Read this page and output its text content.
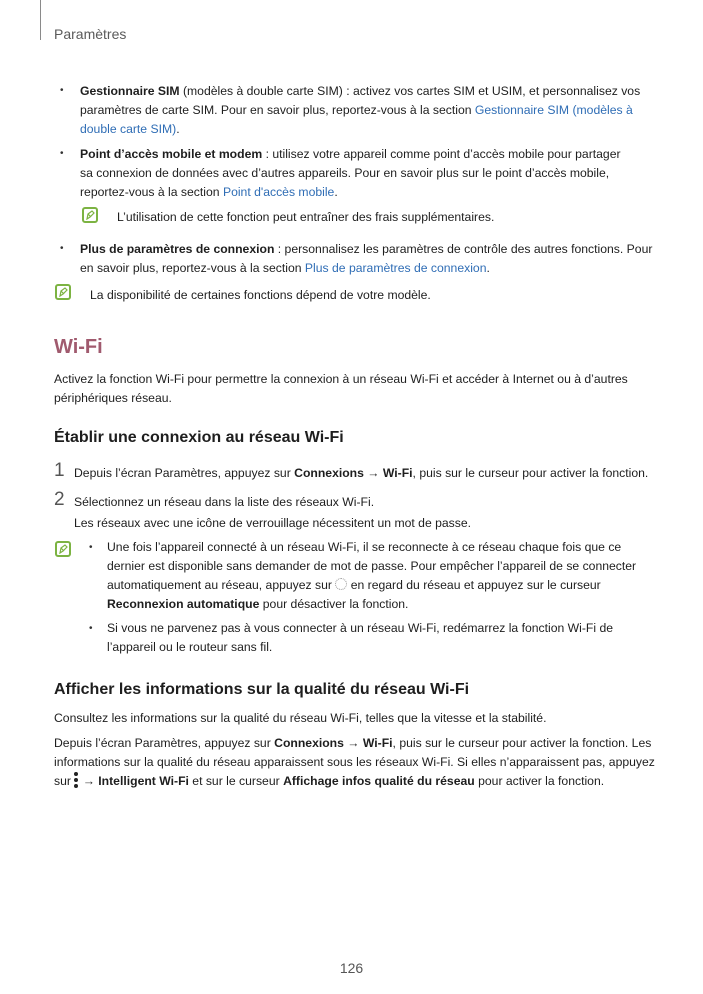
Paramètres
• Gestionnaire SIM (modèles à double carte SIM) : activez vos cartes SIM et USIM, et personnalisez vos
paramètres de carte SIM. Pour en savoir plus, reportez-vous à la section Gestionnaire SIM (modèles à
double carte SIM).
• Point d’accès mobile et modem : utilisez votre appareil comme point d’accès mobile pour partager
sa connexion de données avec d’autres appareils. Pour en savoir plus sur le point d’accès mobile,
reportez-vous à la section Point d'accès mobile.
L’utilisation de cette fonction peut entraîner des frais supplémentaires.
• Plus de paramètres de connexion : personnalisez les paramètres de contrôle des autres fonctions. Pour
en savoir plus, reportez-vous à la section Plus de paramètres de connexion.
La disponibilité de certaines fonctions dépend de votre modèle.
Wi-Fi
Activez la fonction Wi-Fi pour permettre la connexion à un réseau Wi-Fi et accéder à Internet ou à d’autres
périphériques réseau.
Établir une connexion au réseau Wi-Fi
1 Depuis l’écran Paramètres, appuyez sur Connexions → Wi-Fi, puis sur le curseur pour activer la fonction.
2 Sélectionnez un réseau dans la liste des réseaux Wi-Fi.
Les réseaux avec une icône de verrouillage nécessitent un mot de passe.
• Une fois l’appareil connecté à un réseau Wi-Fi, il se reconnecte à ce réseau chaque fois que ce
dernier est disponible sans demander de mot de passe. Pour empêcher l’appareil de se connecter
automatiquement au réseau, appuyez sur  en regard du réseau et appuyez sur le curseur
Reconnexion automatique pour désactiver la fonction.
• Si vous ne parvenez pas à vous connecter à un réseau Wi-Fi, redémarrez la fonction Wi-Fi de
l’appareil ou le routeur sans fil.
Afficher les informations sur la qualité du réseau Wi-Fi
Consultez les informations sur la qualité du réseau Wi-Fi, telles que la vitesse et la stabilité.
Depuis l’écran Paramètres, appuyez sur Connexions → Wi-Fi, puis sur le curseur pour activer la fonction. Les
informations sur la qualité du réseau apparaissent sous les réseaux Wi-Fi. Si elles n’apparaissent pas, appuyez
sur
→ Intelligent Wi-Fi et sur le curseur Affichage infos qualité du réseau pour activer la fonction.
126
